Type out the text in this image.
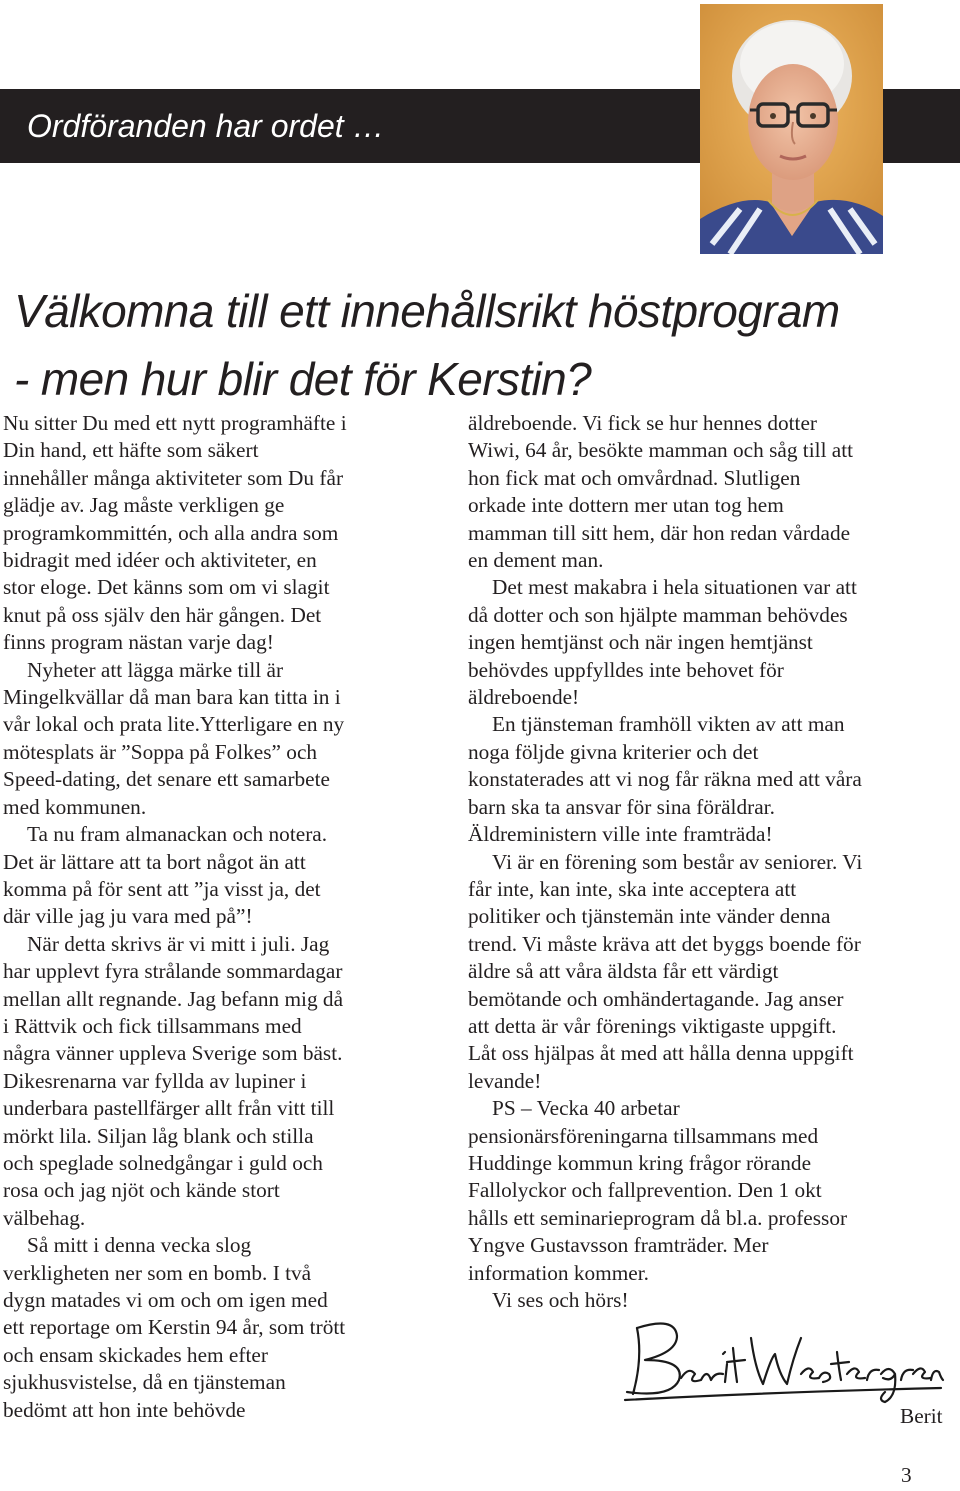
Ordföranden har ordet …
Välkomna till ett innehållsrikt höstprogram
- men hur blir det för Kerstin?

Nu sitter Du med ett nytt programhäfte i
Din hand, ett häfte som säkert
innehåller många aktiviteter som Du får
glädje av. Jag måste verkligen ge
programkommittén, och alla andra som
bidragit med idéer och aktiviteter, en
stor eloge. Det känns som om vi slagit
knut på oss själv den här gången. Det
finns program nästan varje dag!

Nyheter att lägga märke till är
Mingelkvällar då man bara kan titta in i
vår lokal och prata lite.Ytterligare en ny
mötesplats är ”Soppa på Folkes” och
Speed-dating, det senare ett samarbete
med kommunen.

Ta nu fram almanackan och notera.
Det är lättare att ta bort något än att
komma på för sent att ”ja visst ja, det
där ville jag ju vara med på”!

När detta skrivs är vi mitt i juli. Jag
har upplevt fyra strålande sommardagar
mellan allt regnande. Jag befann mig då
i Rättvik och fick tillsammans med
några vänner uppleva Sverige som bäst.
Dikesrenarna var fyllda av lupiner i
underbara pastellfärger allt från vitt till
mörkt lila. Siljan låg blank och stilla
och speglade solnedgångar i guld och
rosa och jag njöt och kände stort
välbehag.

Så mitt i denna vecka slog
verkligheten ner som en bomb. I två
dygn matades vi om och om igen med
ett reportage om Kerstin 94 år, som trött
och ensam skickades hem efter
sjukhusvistelse, då en tjänsteman
bedömt att hon inte behövde

äldreboende. Vi fick se hur hennes dotter
Wiwi, 64 år, besökte mamman och såg till att
hon fick mat och omvårdnad. Slutligen
orkade inte dottern mer utan tog hem
mamman till sitt hem, där hon redan vårdade
en dement man.

Det mest makabra i hela situationen var att
då dotter och son hjälpte mamman behövdes
ingen hemtjänst och när ingen hemtjänst
behövdes uppfylldes inte behovet för
äldreboende!

En tjänsteman framhöll vikten av att man
noga följde givna kriterier och det
konstaterades att vi nog får räkna med att våra
barn ska ta ansvar för sina föräldrar.
Äldreministern ville inte framträda!

Vi är en förening som består av seniorer. Vi
får inte, kan inte, ska inte acceptera att
politiker och tjänstemän inte vänder denna
trend. Vi måste kräva att det byggs boende för
äldre så att våra äldsta får ett värdigt
bemötande och omhändertagande. Jag anser
att detta är vår förenings viktigaste uppgift.
Låt oss hjälpas åt med att hålla denna uppgift
levande!

PS – Vecka 40 arbetar
pensionärsföreningarna tillsammans med
Huddinge kommun kring frågor rörande
Fallolyckor och fallprevention. Den 1 okt
hålls ett seminarieprogram då bl.a. professor
Yngve Gustavsson framträder. Mer
information kommer.

Vi ses och hörs!

Berit
3
